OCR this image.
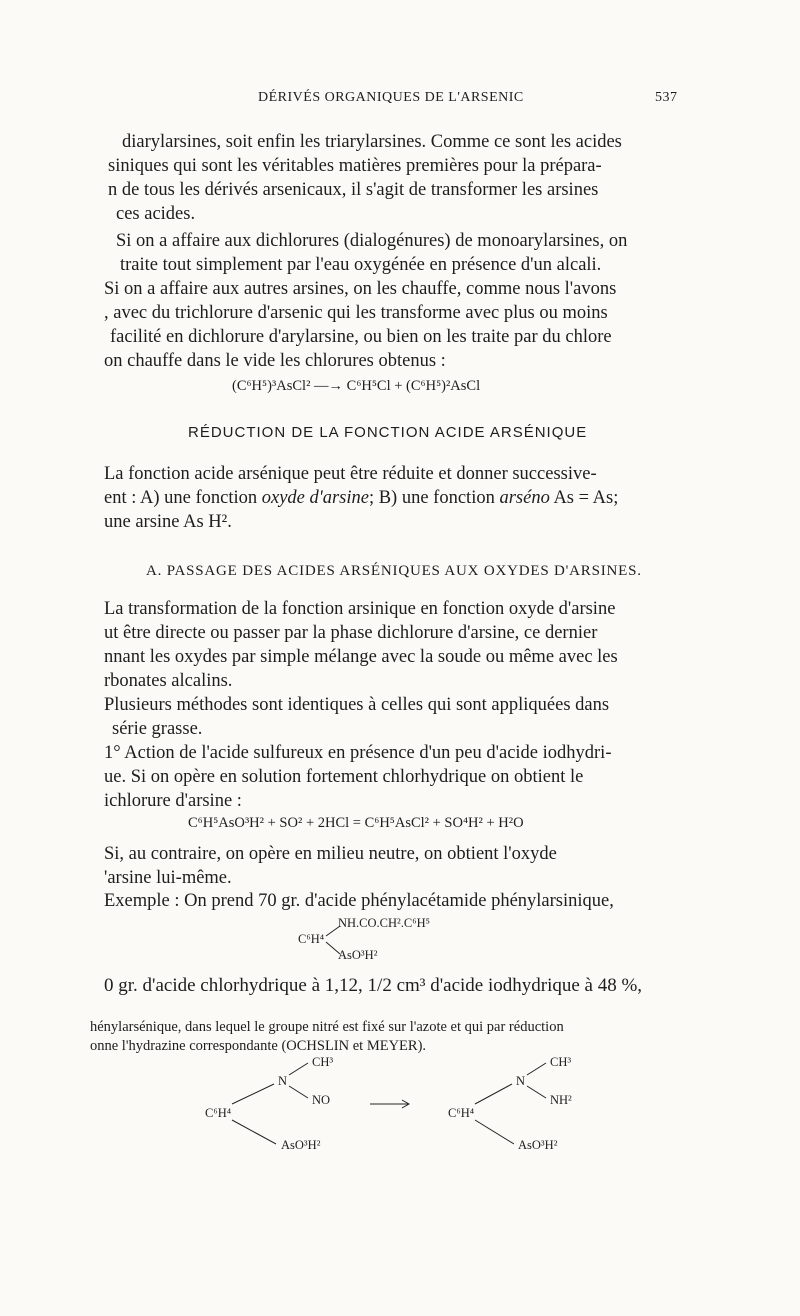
DÉRIVÉS ORGANIQUES DE L'ARSENIC	537
diarylarsines, soit enfin les triarylarsines. Comme ce sont les acides
siniques qui sont les véritables matières premières pour la prépara-
n de tous les dérivés arsenicaux, il s'agit de transformer les arsines
ces acides.
Si on a affaire aux dichlorures (dialogénures) de monoarylarsines, on
traite tout simplement par l'eau oxygénée en présence d'un alcali.
Si on a affaire aux autres arsines, on les chauffe, comme nous l'avons
, avec du trichlorure d'arsenic qui les transforme avec plus ou moins
facilité en dichlorure d'arylarsine, ou bien on les traite par du chlore
on chauffe dans le vide les chlorures obtenus :
(C⁶H⁵)³AsCl² —→ C⁶H⁵Cl + (C⁶H⁵)²AsCl
RÉDUCTION DE LA FONCTION ACIDE ARSÉNIQUE
La fonction acide arsénique peut être réduite et donner successive-
ent : A) une fonction oxyde d'arsine; B) une fonction arséno As = As;
une arsine As H².
A. PASSAGE DES ACIDES ARSÉNIQUES AUX OXYDES D'ARSINES.
La transformation de la fonction arsinique en fonction oxyde d'arsine
ut être directe ou passer par la phase dichlorure d'arsine, ce dernier
nnant les oxydes par simple mélange avec la soude ou même avec les
rbonates alcalins.
Plusieurs méthodes sont identiques à celles qui sont appliquées dans
série grasse.
1° Action de l'acide sulfureux en présence d'un peu d'acide iodhydri-
ue. Si on opère en solution fortement chlorhydrique on obtient le
ichlorure d'arsine :
C⁶H⁵AsO³H² + SO² + 2HCl = C⁶H⁵AsCl² + SO⁴H² + H²O
Si, au contraire, on opère en milieu neutre, on obtient l'oxyde
'arsine lui-même.
Exemple : On prend 70 gr. d'acide phénylacétamide phénylarsinique,
NH.CO.CH².C⁶H⁵
C⁶H⁴
AsO³H²
0 gr. d'acide chlorhydrique à 1,12, 1/2 cm³ d'acide iodhydrique à 48 %,
hénylarsénique, dans lequel le groupe nitré est fixé sur l'azote et qui par réduction
onne l'hydrazine correspondante (OCHSLIN et MEYER).
CH³
N
NO
C⁶H⁴
AsO³H²
CH³
N
NH²
C⁶H⁴
AsO³H²
